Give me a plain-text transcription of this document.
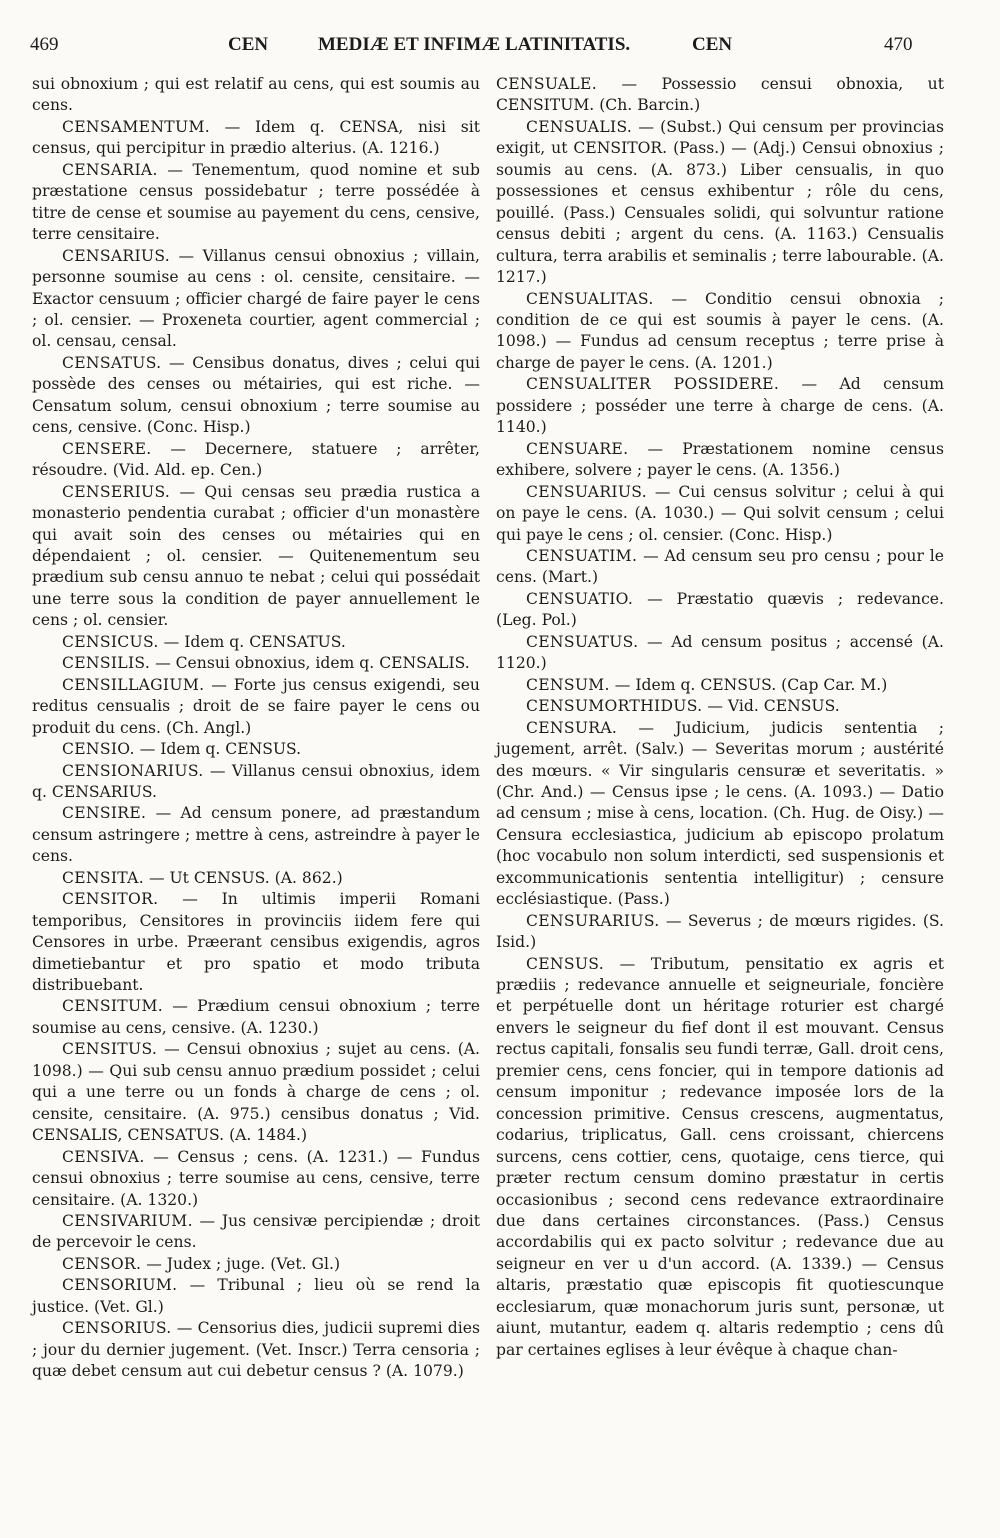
469	CEN	MEDIÆ ET INFIMÆ LATINITATIS.	CEN	470

sui obnoxium ; qui est relatif au cens, qui est soumis au cens.

CENSAMENTUM. — Idem q. CENSA, nisi sit census, qui percipitur in prædio alterius. (A. 1216.)

CENSARIA. — Tenementum, quod nomine et sub præstatione census possidebatur ; terre possédée à titre de cense et soumise au payement du cens, censive, terre censitaire.

CENSARIUS. — Villanus censui obnoxius ; villain, personne soumise au cens : ol. censite, censitaire. — Exactor censuum ; officier chargé de faire payer le cens ; ol. censier. — Proxeneta courtier, agent commercial ; ol. censau, censal.

CENSATUS. — Censibus donatus, dives ; celui qui possède des censes ou métairies, qui est riche. — Censatum solum, censui obnoxium ; terre soumise au cens, censive. (Conc. Hisp.)

CENSERE. — Decernere, statuere ; arrêter, résoudre. (Vid. Ald. ep. Cen.)

CENSERIUS. — Qui censas seu prædia rustica a monasterio pendentia curabat ; officier d'un monastère qui avait soin des censes ou métairies qui en dépendaient ; ol. censier. — Quitenementum seu prædium sub censu annuo te nebat ; celui qui possédait une terre sous la condition de payer annuellement le cens ; ol. censier.

CENSICUS. — Idem q. CENSATUS.

CENSILIS. — Censui obnoxius, idem q. CENSALIS.

CENSILLAGIUM. — Forte jus census exigendi, seu reditus censualis ; droit de se faire payer le cens ou produit du cens. (Ch. Angl.)

CENSIO. — Idem q. CENSUS.

CENSIONARIUS. — Villanus censui obnoxius, idem q. CENSARIUS.

CENSIRE. — Ad censum ponere, ad præstandum censum astringere ; mettre à cens, astreindre à payer le cens.

CENSITA. — Ut CENSUS. (A. 862.)

CENSITOR. — In ultimis imperii Romani temporibus, Censitores in provinciis iidem fere qui Censores in urbe. Præerant censibus exigendis, agros dimetiebantur et pro spatio et modo tributa distribuebant.

CENSITUM. — Prædium censui obnoxium ; terre soumise au cens, censive. (A. 1230.)

CENSITUS. — Censui obnoxius ; sujet au cens. (A. 1098.) — Qui sub censu annuo prædium possidet ; celui qui a une terre ou un fonds à charge de cens ; ol. censite, censitaire. (A. 975.) censibus donatus ; Vid. CENSALIS, CENSATUS. (A. 1484.)

CENSIVA. — Census ; cens. (A. 1231.) — Fundus censui obnoxius ; terre soumise au cens, censive, terre censitaire. (A. 1320.)

CENSIVARIUM. — Jus censivæ percipiendæ ; droit de percevoir le cens.

CENSOR. — Judex ; juge. (Vet. Gl.)

CENSORIUM. — Tribunal ; lieu où se rend la justice. (Vet. Gl.)

CENSORIUS. — Censorius dies, judicii supremi dies ; jour du dernier jugement. (Vet. Inscr.) Terra censoria ; quæ debet censum aut cui debetur census ? (A. 1079.)

CENSUALE. — Possessio censui obnoxia, ut CENSITUM. (Ch. Barcin.)

CENSUALIS. — (Subst.) Qui censum per provincias exigit, ut CENSITOR. (Pass.) — (Adj.) Censui obnoxius ; soumis au cens. (A. 873.) Liber censualis, in quo possessiones et census exhibentur ; rôle du cens, pouillé. (Pass.) Censuales solidi, qui solvuntur ratione census debiti ; argent du cens. (A. 1163.) Censualis cultura, terra arabilis et seminalis ; terre labourable. (A. 1217.)

CENSUALITAS. — Conditio censui obnoxia ; condition de ce qui est soumis à payer le cens. (A. 1098.) — Fundus ad censum receptus ; terre prise à charge de payer le cens. (A. 1201.)

CENSUALITER POSSIDERE. — Ad censum possidere ; posséder une terre à charge de cens. (A. 1140.)

CENSUARE. — Præstationem nomine census exhibere, solvere ; payer le cens. (A. 1356.)

CENSUARIUS. — Cui census solvitur ; celui à qui on paye le cens. (A. 1030.) — Qui solvit censum ; celui qui paye le cens ; ol. censier. (Conc. Hisp.)

CENSUATIM. — Ad censum seu pro censu ; pour le cens. (Mart.)

CENSUATIO. — Præstatio quævis ; redevance. (Leg. Pol.)

CENSUATUS. — Ad censum positus ; accensé (A. 1120.)

CENSUM. — Idem q. CENSUS. (Cap Car. M.)

CENSUMORTHIDUS. — Vid. CENSUS.

CENSURA. — Judicium, judicis sententia ; jugement, arrêt. (Salv.) — Severitas morum ; austérité des mœurs. « Vir singularis censuræ et severitatis. » (Chr. And.) — Census ipse ; le cens. (A. 1093.) — Datio ad censum ; mise à cens, location. (Ch. Hug. de Oisy.) — Censura ecclesiastica, judicium ab episcopo prolatum (hoc vocabulo non solum interdicti, sed suspensionis et excommunicationis sententia intelligitur) ; censure ecclésiastique. (Pass.)

CENSURARIUS. — Severus ; de mœurs rigides. (S. Isid.)

CENSUS. — Tributum, pensitatio ex agris et prædiis ; redevance annuelle et seigneuriale, foncière et perpétuelle dont un héritage roturier est chargé envers le seigneur du fief dont il est mouvant. Census rectus capitali, fonsalis seu fundi terræ, Gall. droit cens, premier cens, cens foncier, qui in tempore dationis ad censum imponitur ; redevance imposée lors de la concession primitive. Census crescens, augmentatus, codarius, triplicatus, Gall. cens croissant, chiercens surcens, cens cottier, cens, quotaige, cens tierce, qui præter rectum censum domino præstatur in certis occasionibus ; second cens redevance extraordinaire due dans certaines circonstances. (Pass.) Census accordabilis qui ex pacto solvitur ; redevance due au seigneur en ver u d'un accord. (A. 1339.) — Census altaris, præstatio quæ episcopis fit quotiescunque ecclesiarum, quæ monachorum juris sunt, personæ, ut aiunt, mutantur, eadem q. altaris redemptio ; cens dû par certaines eglises à leur évêque à chaque chan-
